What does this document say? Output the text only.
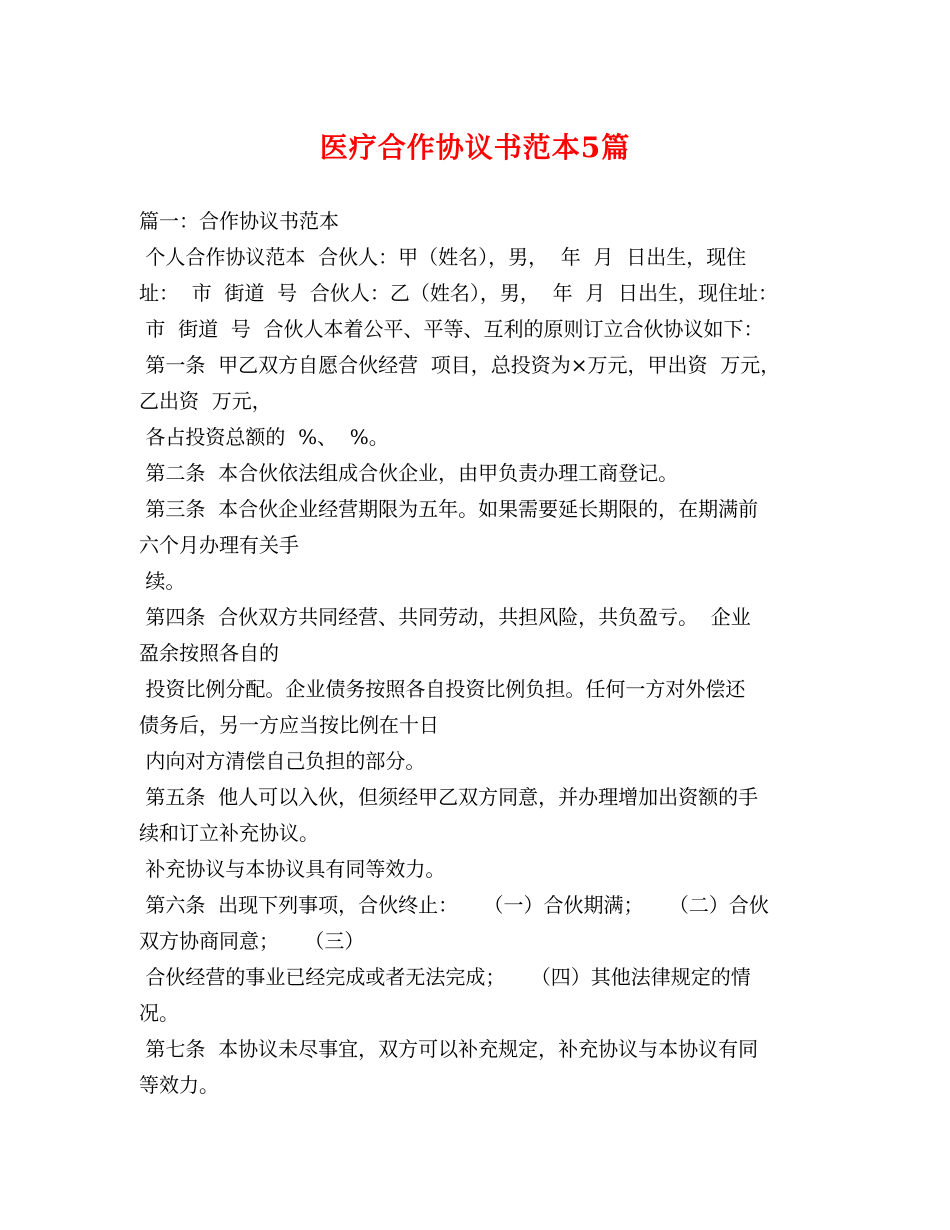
医疗合作协议书范本5篇
篇一：合作协议书范本
个人合作协议范本  合伙人：甲（姓名），男，  年  月  日出生，现住
址：  市  街道  号  合伙人：乙（姓名），男，  年  月  日出生，现住址：
市  街道  号  合伙人本着公平、平等、互利的原则订立合伙协议如下：
第一条  甲乙双方自愿合伙经营  项目，总投资为×万元，甲出资  万元，
乙出资  万元，
各占投资总额的  %、  %。
第二条  本合伙依法组成合伙企业，由甲负责办理工商登记。
第三条  本合伙企业经营期限为五年。如果需要延长期限的，在期满前
六个月办理有关手
续。
第四条  合伙双方共同经营、共同劳动，共担风险，共负盈亏。  企业
盈余按照各自的
投资比例分配。企业债务按照各自投资比例负担。任何一方对外偿还
债务后，另一方应当按比例在十日
内向对方清偿自己负担的部分。
第五条  他人可以入伙，但须经甲乙双方同意，并办理增加出资额的手
续和订立补充协议。
补充协议与本协议具有同等效力。
第六条  出现下列事项，合伙终止：    （一）合伙期满；    （二）合伙
双方协商同意；    （三）
合伙经营的事业已经完成或者无法完成；    （四）其他法律规定的情
况。
第七条  本协议未尽事宜，双方可以补充规定，补充协议与本协议有同
等效力。
